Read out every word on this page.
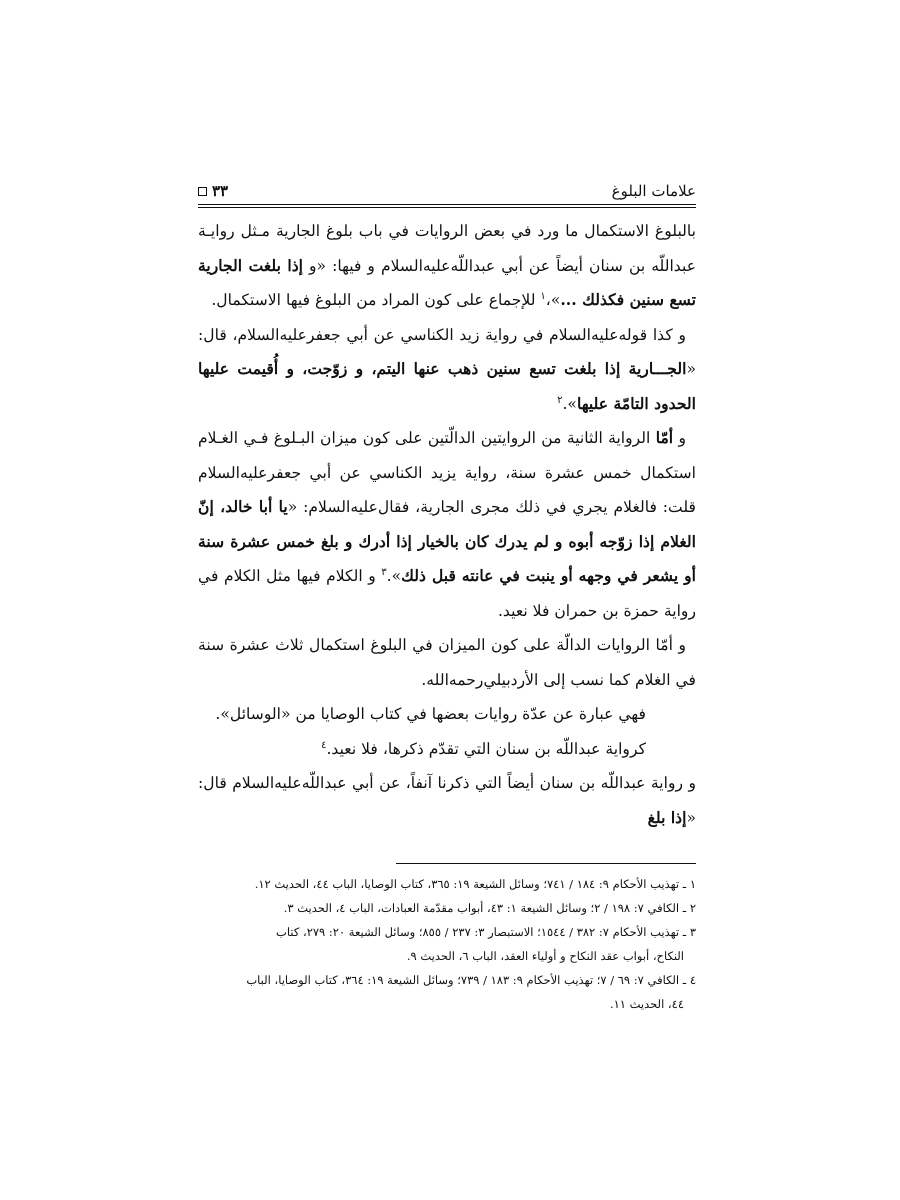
علامات البلوغ
٣٣

بالبلوغ الاستكمال ما ورد في بعض الروايات في باب بلوغ الجارية مـثل روايـة عبداللّه بن سنان أيضاً عن أبي عبداللّه‌عليه‌السلام و فيها: «و إذا بلغت الجارية تسع سنين فكذلك ...»،$^١$ للإجماع على كون المراد من البلوغ فيها الاستكمال.

و كذا قوله‌عليه‌السلام في رواية زيد الكناسي عن أبي جعفرعليه‌السلام، قال: «الجـــارية إذا بلغت تسع سنين ذهب عنها اليتم، و زوّجت، و أُقيمت عليها الحدود التامّة عليها».$^٢$

و أمّا الرواية الثانية من الروايتين الدالّتين على كون ميزان البـلوغ فـي الغـلام استكمال خمس عشرة سنة، رواية يزيد الكناسي عن أبي جعفرعليه‌السلام قلت: فالغلام يجري في ذلك مجرى الجارية، فقال‌عليه‌السلام: «يا أبا خالد، إنّ الغلام إذا زوّجه أبوه و لم يدرك كان بالخيار إذا أدرك و بلغ خمس عشرة سنة أو يشعر في وجهه أو ينبت في عانته قبل ذلك».$^٣$ و الكلام فيها مثل الكلام في رواية حمزة بن حمران فلا نعيد.

و أمّا الروايات الدالّة على كون الميزان في البلوغ استكمال ثلاث عشرة سنة في الغلام كما نسب إلى الأردبيلي‌رحمه‌الله.

فهي عبارة عن عدّة روايات بعضها في كتاب الوصايا من «الوسائل».

كرواية عبداللّه بن سنان التي تقدّم ذكرها، فلا نعيد.$^٤$

و رواية عبداللّه بن سنان أيضاً التي ذكرنا آنفاً، عن أبي عبداللّه‌عليه‌السلام قال: «إذا بلغ

١ ـ تهذيب الأحكام ٩: ١٨٤ / ٧٤١؛ وسائل الشيعة ١٩: ٣٦٥، كتاب الوصايا، الباب ٤٤، الحديث ١٢.

٢ ـ الكافي ٧: ١٩٨ / ٢؛ وسائل الشيعة ١: ٤٣، أبواب مقدّمة العبادات، الباب ٤، الحديث ٣.

٣ ـ تهذيب الأحكام ٧: ٣٨٢ / ١٥٤٤؛ الاستبصار ٣: ٢٣٧ / ٨٥٥؛ وسائل الشيعة ٢٠: ٢٧٩، كتاب
النكاح، أبواب عقد النكاح و أولياء العقد، الباب ٦، الحديث ٩.

٤ ـ الكافي ٧: ٦٩ / ٧؛ تهذيب الأحكام ٩: ١٨٣ / ٧٣٩؛ وسائل الشيعة ١٩: ٣٦٤، كتاب الوصايا، الباب
٤٤، الحديث ١١.
